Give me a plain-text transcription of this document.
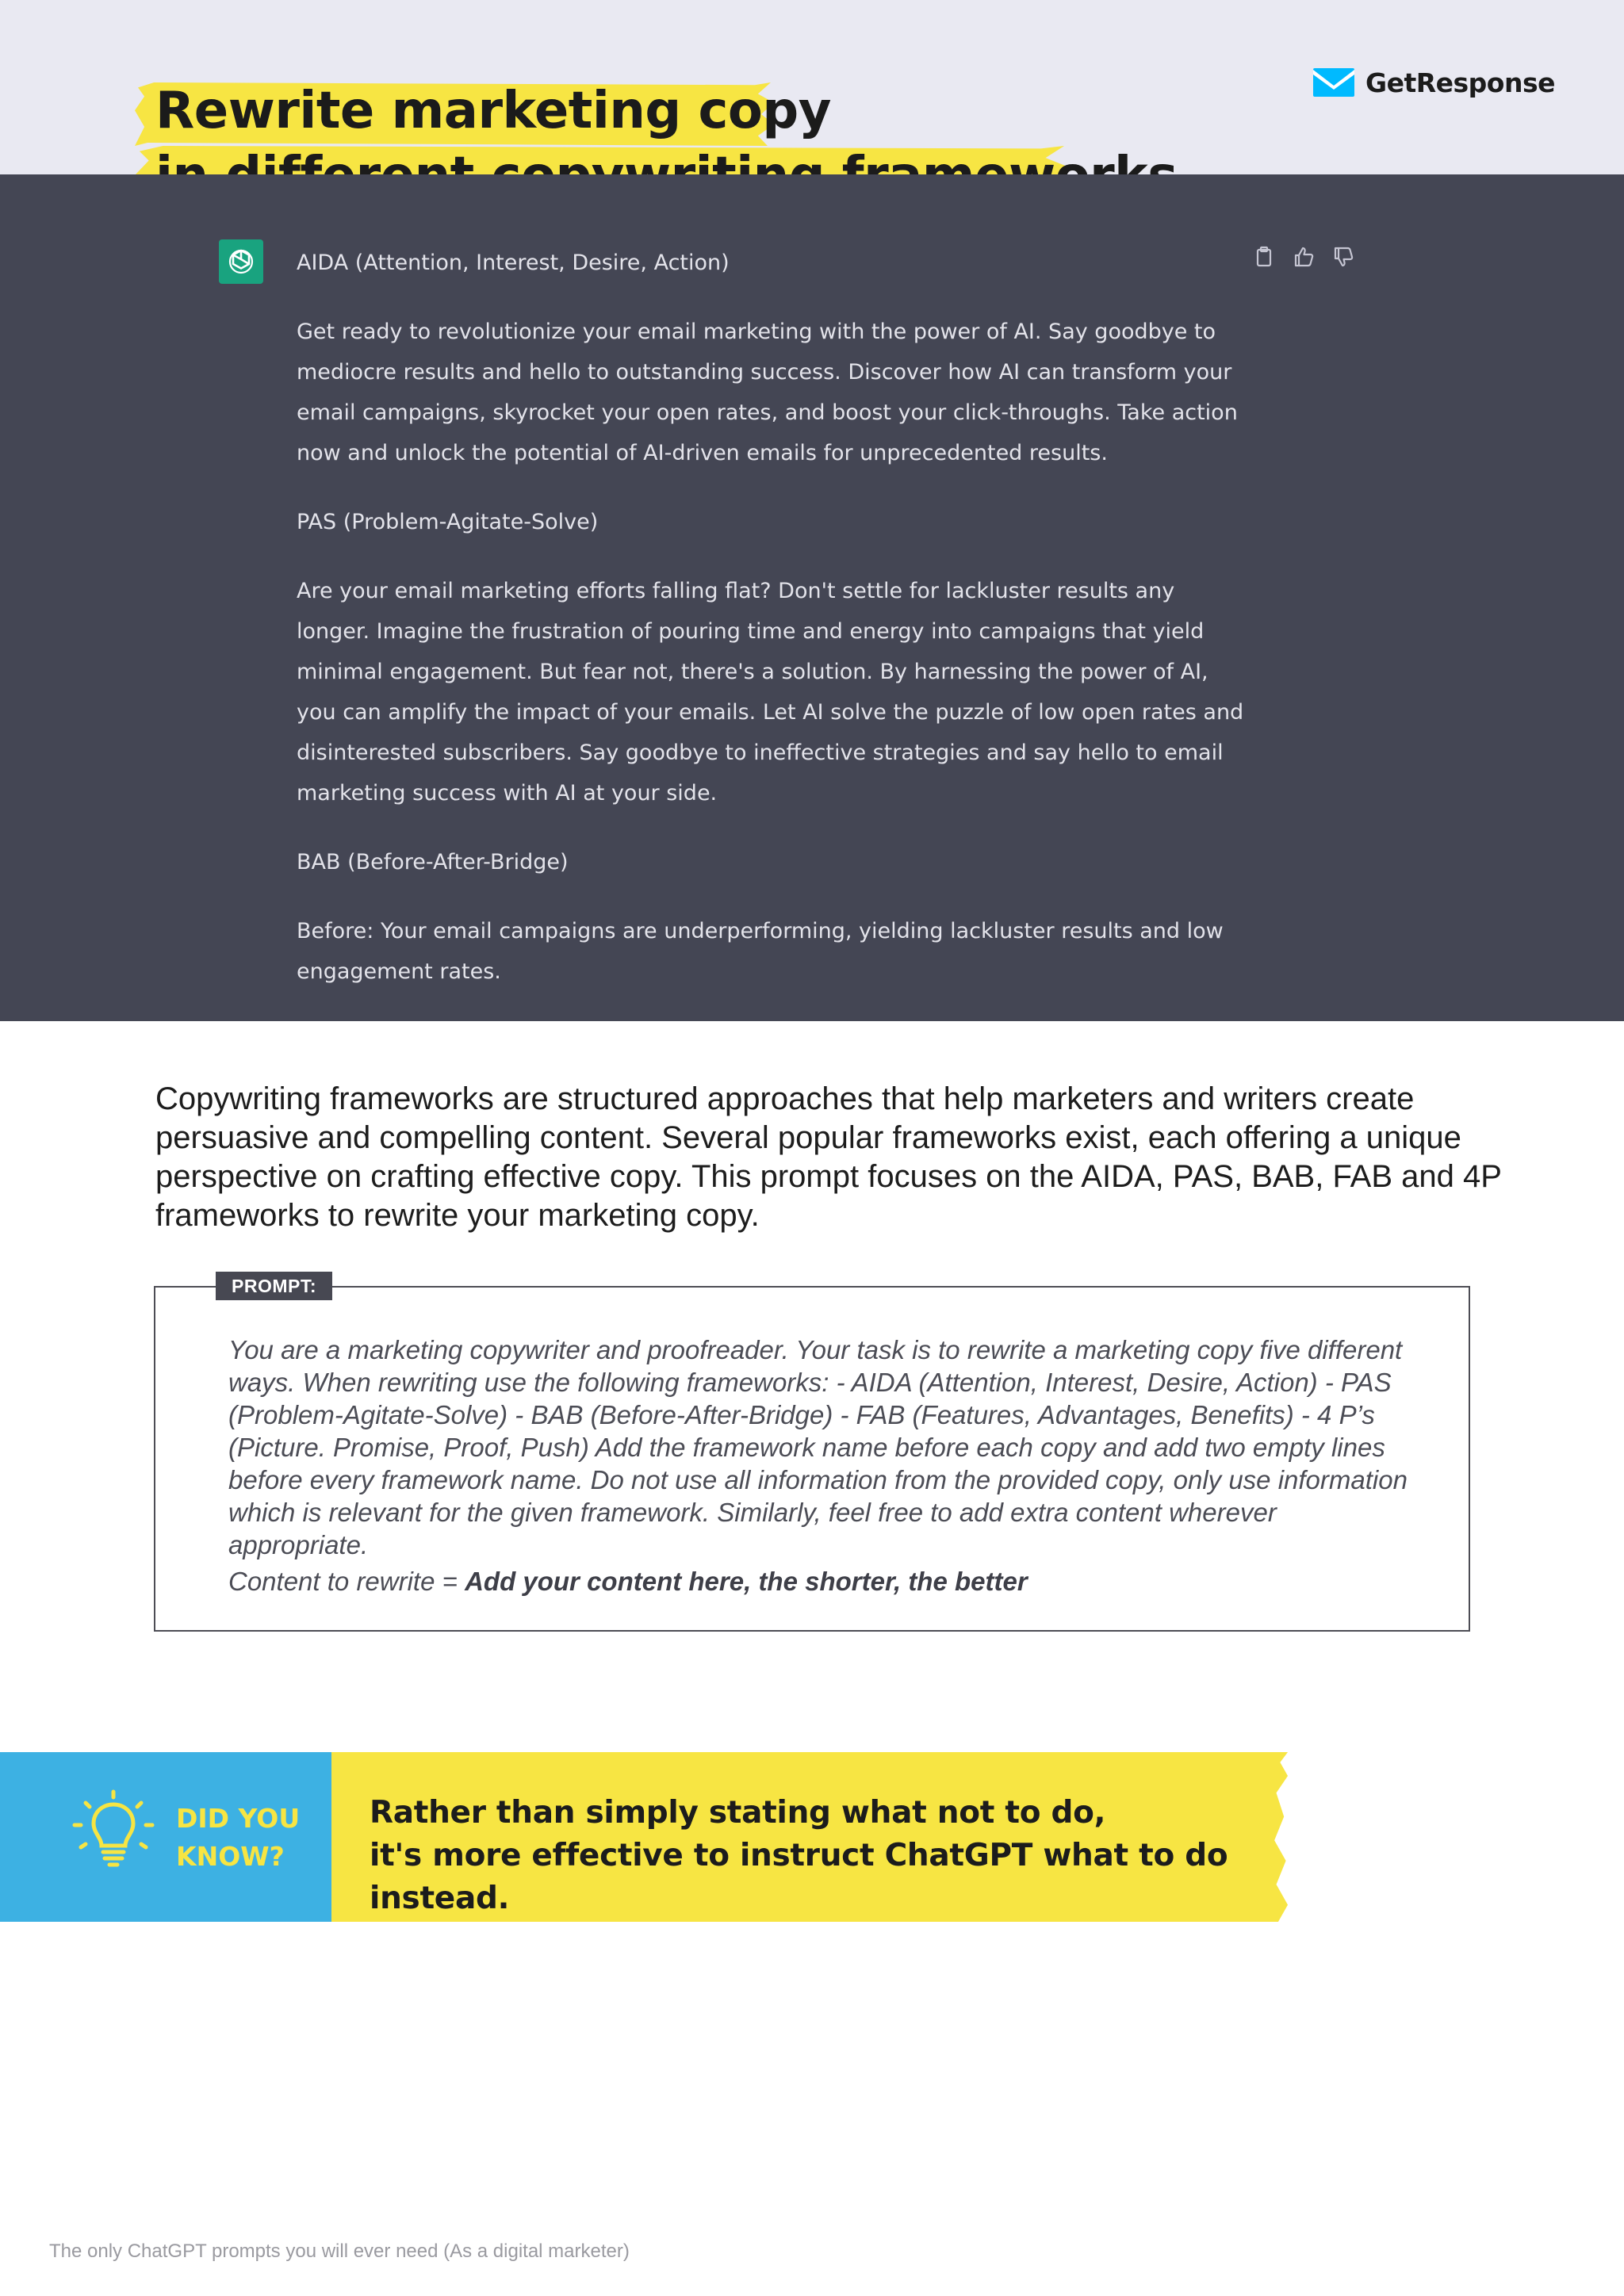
GetResponse
Rewrite marketing copy

AIDA (Attention, Interest, Desire, Action)

Get ready to revolutionize your email marketing with the power of AI. Say goodbye to mediocre results and hello to outstanding success. Discover how AI can transform your email campaigns, skyrocket your open rates, and boost your click-throughs. Take action now and unlock the potential of AI-driven emails for unprecedented results.

PAS (Problem-Agitate-Solve)

Are your email marketing efforts falling flat? Don't settle for lackluster results any longer. Imagine the frustration of pouring time and energy into campaigns that yield minimal engagement. But fear not, there's a solution. By harnessing the power of AI, you can amplify the impact of your emails. Let AI solve the puzzle of low open rates and disinterested subscribers. Say goodbye to ineffective strategies and say hello to email marketing success with AI at your side.

BAB (Before-After-Bridge)

Before: Your email campaigns are underperforming, yielding lackluster results and low engagement rates.

Copywriting frameworks are structured approaches that help marketers and writers create persuasive and compelling content. Several popular frameworks exist, each offering a unique perspective on crafting effective copy. This prompt focuses on the AIDA, PAS, BAB, FAB and 4P frameworks to rewrite your marketing copy.

PROMPT:

You are a marketing copywriter and proofreader. Your task is to rewrite a marketing copy five different ways. When rewriting use the following frameworks: - AIDA (Attention, Interest, Desire, Action) - PAS (Problem-Agitate-Solve) - BAB (Before-After-Bridge) - FAB (Features, Advantages, Benefits) - 4 P’s (Picture. Promise, Proof, Push) Add the framework name before each copy and add two empty lines before every framework name. Do not use all information from the provided copy, only use information which is relevant for the given framework. Similarly, feel free to add extra content wherever appropriate.

Content to rewrite = Add your content here, the shorter, the better

DID YOU
KNOW?
Rather than simply stating what not to do,
it's more effective to instruct ChatGPT what to do instead.
The only ChatGPT prompts you will ever need (As a digital marketer)
